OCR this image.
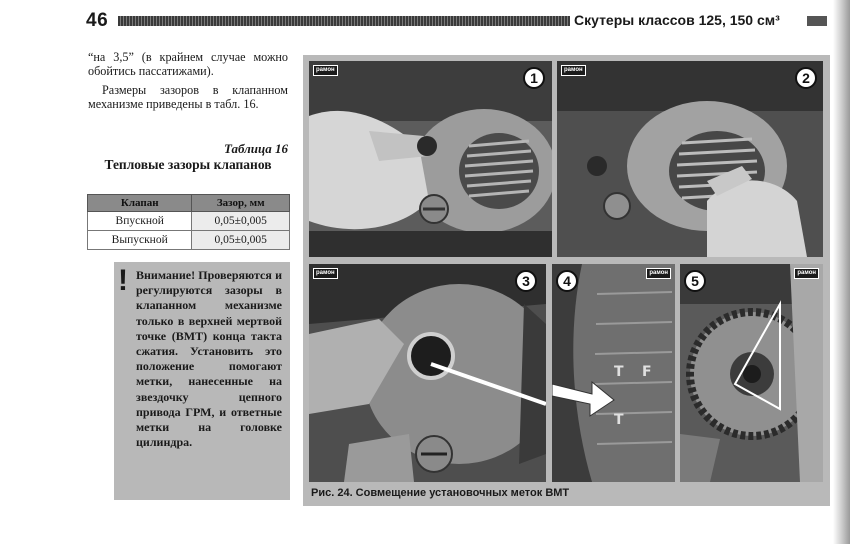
46	Скутеры классов 125, 150 см³

“на 3,5” (в крайнем случае можно обойтись пассатижами).

Размеры зазоров в клапанном механизме приведены в табл. 16.

Таблица 16
Тепловые зазоры клапанов
Клапан	Зазор, мм
Впускной	0,05±0,005
Выпускной	0,05±0,005
! Внимание! Проверяются и регулируются зазоры в клапанном механизме только в верхней мертвой точке (ВМТ) конца такта сжатия. Установить это положение помогают метки, нанесенные на звездочку цепного привода ГРМ, и ответные метки на головке цилиндра.

рамон	1	рамон	2
рамон	3
T F
T
рамон
4	рамон
5
Рис. 24. Совмещение установочных меток ВМТ
